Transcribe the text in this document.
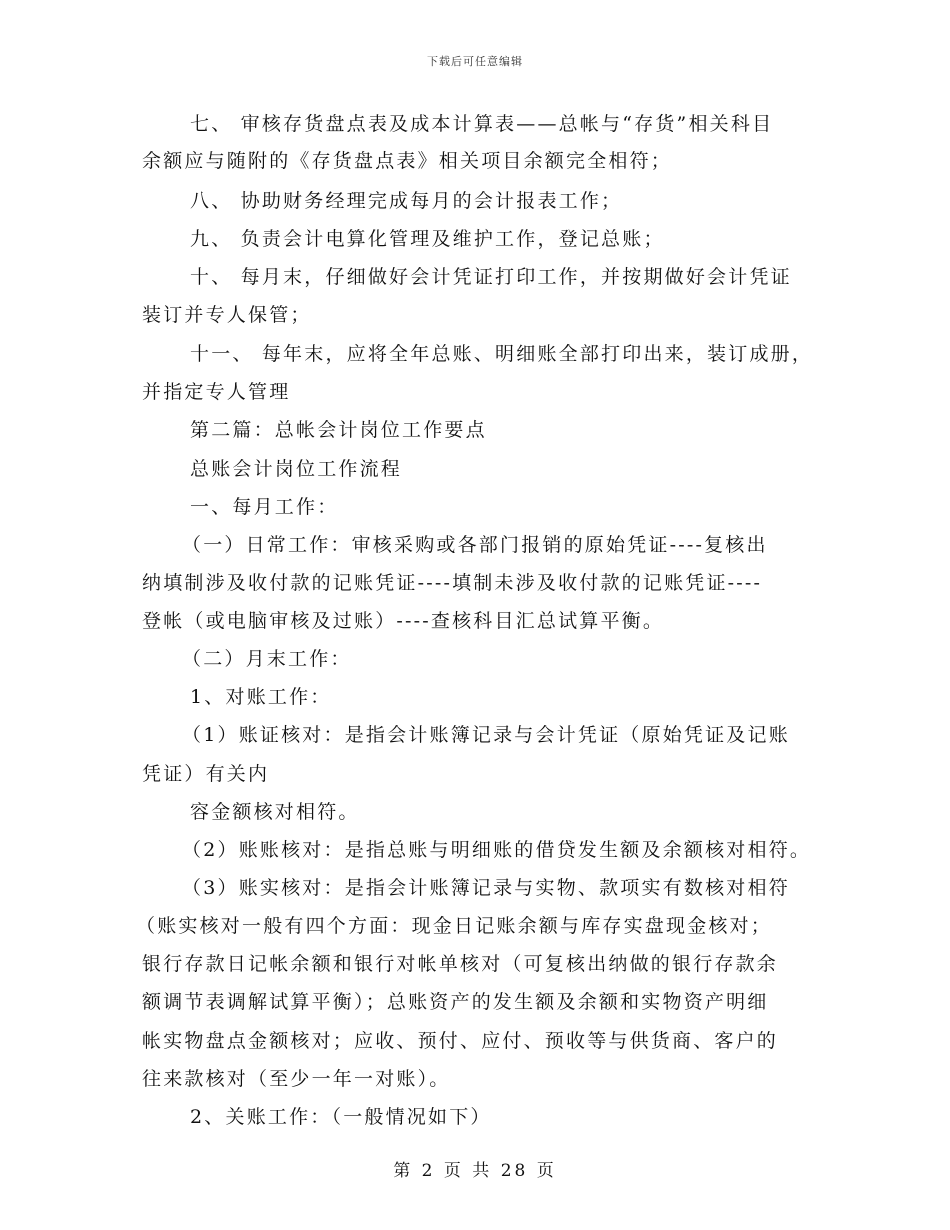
下载后可任意编辑
七、 审核存货盘点表及成本计算表——总帐与“存货”相关科目
余额应与随附的《存货盘点表》相关项目余额完全相符；
八、 协助财务经理完成每月的会计报表工作；
九、 负责会计电算化管理及维护工作，登记总账；
十、 每月末，仔细做好会计凭证打印工作，并按期做好会计凭证
装订并专人保管；
十一、 每年末，应将全年总账、明细账全部打印出来，装订成册，
并指定专人管理
第二篇：总帐会计岗位工作要点
总账会计岗位工作流程
一、每月工作：
（一）日常工作：审核采购或各部门报销的原始凭证----复核出
纳填制涉及收付款的记账凭证----填制未涉及收付款的记账凭证----
登帐（或电脑审核及过账）----查核科目汇总试算平衡。
（二）月末工作：
1、对账工作：
（1）账证核对：是指会计账簿记录与会计凭证（原始凭证及记账
凭证）有关内
容金额核对相符。
（2）账账核对：是指总账与明细账的借贷发生额及余额核对相符。
（3）账实核对：是指会计账簿记录与实物、款项实有数核对相符
（账实核对一般有四个方面：现金日记账余额与库存实盘现金核对；
银行存款日记帐余额和银行对帐单核对（可复核出纳做的银行存款余
额调节表调解试算平衡）；总账资产的发生额及余额和实物资产明细
帐实物盘点金额核对；应收、预付、应付、预收等与供货商、客户的
往来款核对（至少一年一对账）。
2、关账工作：（一般情况如下）
第 2 页 共 28 页
